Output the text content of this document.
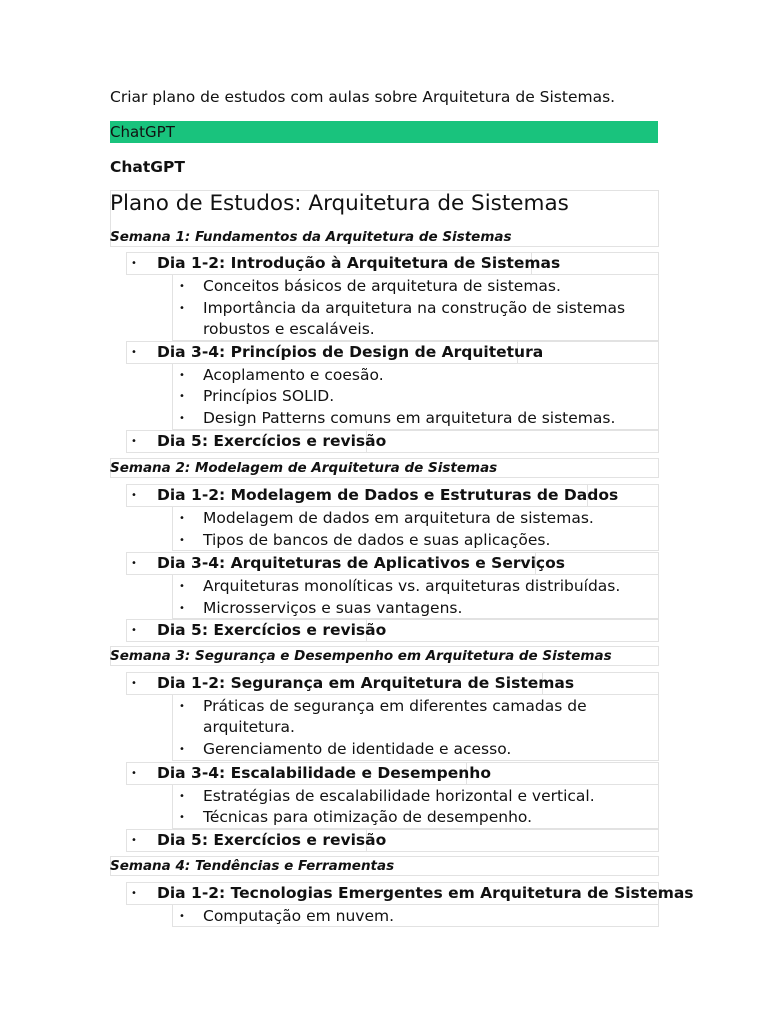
Criar plano de estudos com aulas sobre Arquitetura de Sistemas.
ChatGPT
ChatGPT
Plano de Estudos: Arquitetura de Sistemas
Semana 1: Fundamentos da Arquitetura de Sistemas
• Dia 1-2: Introdução à Arquitetura de Sistemas
• Conceitos básicos de arquitetura de sistemas.
• Importância da arquitetura na construção de sistemas
robustos e escaláveis.
• Dia 3-4: Princípios de Design de Arquitetura
• Acoplamento e coesão.
• Princípios SOLID.
• Design Patterns comuns em arquitetura de sistemas.
• Dia 5: Exercícios e revisão
Semana 2: Modelagem de Arquitetura de Sistemas
• Dia 1-2: Modelagem de Dados e Estruturas de Dados
• Modelagem de dados em arquitetura de sistemas.
• Tipos de bancos de dados e suas aplicações.
• Dia 3-4: Arquiteturas de Aplicativos e Serviços
• Arquiteturas monolíticas vs. arquiteturas distribuídas.
• Microsserviços e suas vantagens.
• Dia 5: Exercícios e revisão
Semana 3: Segurança e Desempenho em Arquitetura de Sistemas
• Dia 1-2: Segurança em Arquitetura de Sistemas
• Práticas de segurança em diferentes camadas de
arquitetura.
• Gerenciamento de identidade e acesso.
• Dia 3-4: Escalabilidade e Desempenho
• Estratégias de escalabilidade horizontal e vertical.
• Técnicas para otimização de desempenho.
• Dia 5: Exercícios e revisão
Semana 4: Tendências e Ferramentas
• Dia 1-2: Tecnologias Emergentes em Arquitetura de Sistemas
• Computação em nuvem.
